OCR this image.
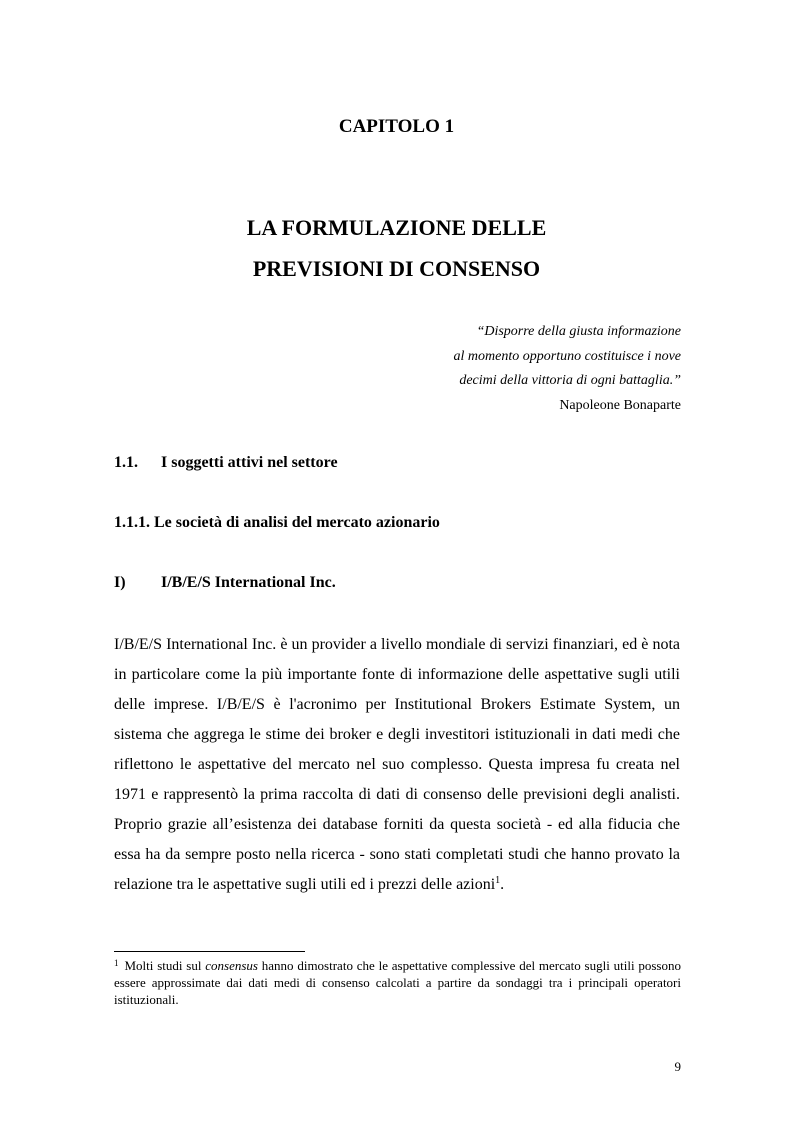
CAPITOLO 1
LA FORMULAZIONE DELLE
PREVISIONI DI CONSENSO
“Disporre della giusta informazione
al momento opportuno costituisce i nove
decimi della vittoria di ogni battaglia.”
Napoleone Bonaparte
1.1. I soggetti attivi nel settore
1.1.1. Le società di analisi del mercato azionario
I) I/B/E/S International Inc.

I/B/E/S International Inc. è un provider a livello mondiale di servizi finanziari, ed è nota in particolare come la più importante fonte di informazione delle aspettative sugli utili delle imprese. I/B/E/S è l'acronimo per Institutional Brokers Estimate System, un sistema che aggrega le stime dei broker e degli investitori istituzionali in dati medi che riflettono le aspettative del mercato nel suo complesso. Questa impresa fu creata nel 1971 e rappresentò la prima raccolta di dati di consenso delle previsioni degli analisti. Proprio grazie all’esistenza dei database forniti da questa società - ed alla fiducia che essa ha da sempre posto nella ricerca - sono stati completati studi che hanno provato la relazione tra le aspettative sugli utili ed i prezzi delle azioni$^1$.

$^1$ Molti studi sul consensus hanno dimostrato che le aspettative complessive del mercato sugli utili possono essere approssimate dai dati medi di consenso calcolati a partire da sondaggi tra i principali operatori istituzionali.
9
